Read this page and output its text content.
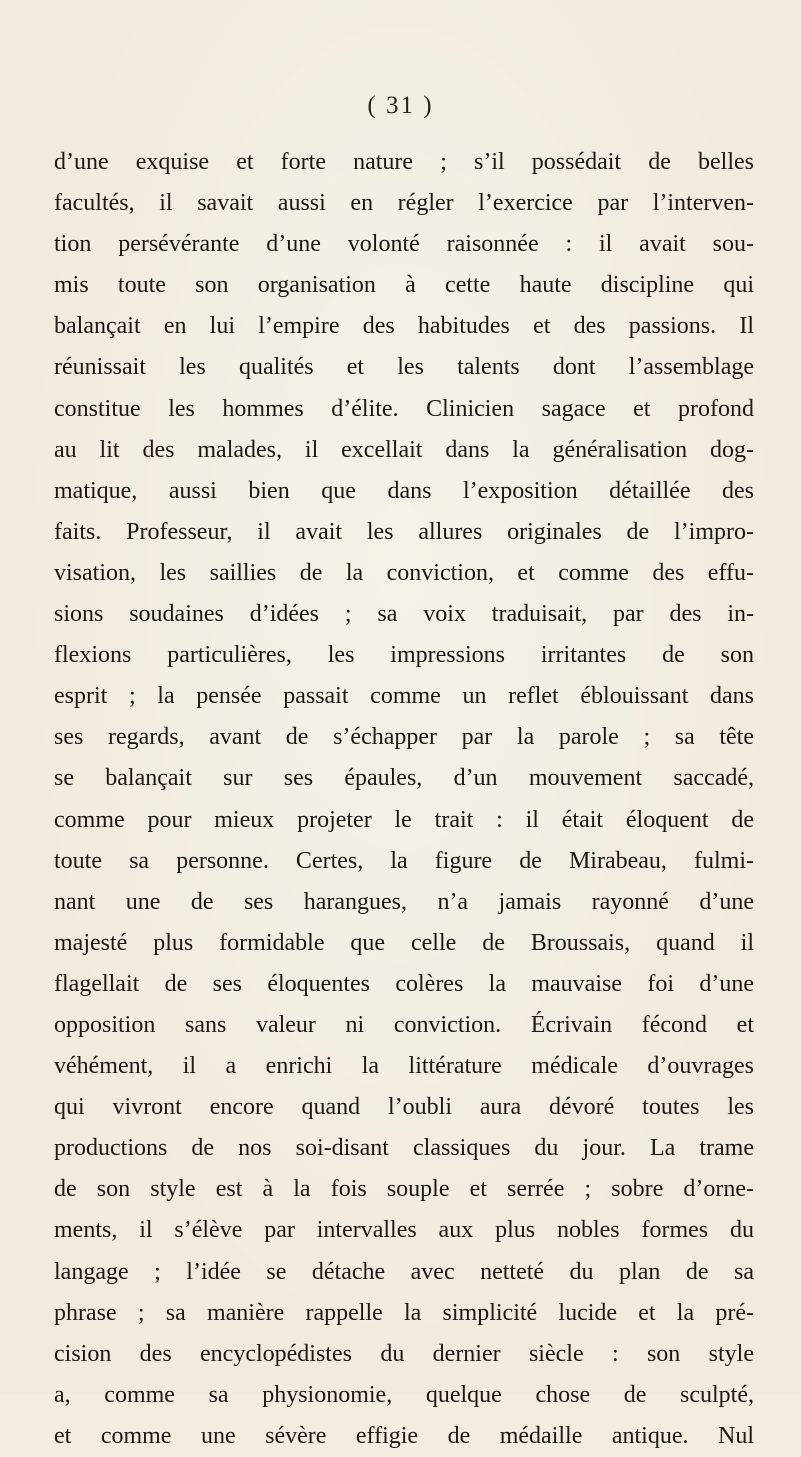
( 31 )
d’une exquise et forte nature ; s’il possédait de belles
facultés, il savait aussi en régler l’exercice par l’interven-
tion persévérante d’une volonté raisonnée : il avait sou-
mis toute son organisation à cette haute discipline qui
balançait en lui l’empire des habitudes et des passions. Il
réunissait les qualités et les talents dont l’assemblage
constitue les hommes d’élite. Clinicien sagace et profond
au lit des malades, il excellait dans la généralisation dog-
matique, aussi bien que dans l’exposition détaillée des
faits. Professeur, il avait les allures originales de l’impro-
visation, les saillies de la conviction, et comme des effu-
sions soudaines d’idées ; sa voix traduisait, par des in-
flexions particulières, les impressions irritantes de son
esprit ; la pensée passait comme un reflet éblouissant dans
ses regards, avant de s’échapper par la parole ; sa tête
se balançait sur ses épaules, d’un mouvement saccadé,
comme pour mieux projeter le trait : il était éloquent de
toute sa personne. Certes, la figure de Mirabeau, fulmi-
nant une de ses harangues, n’a jamais rayonné d’une
majesté plus formidable que celle de Broussais, quand il
flagellait de ses éloquentes colères la mauvaise foi d’une
opposition sans valeur ni conviction. Écrivain fécond et
véhément, il a enrichi la littérature médicale d’ouvrages
qui vivront encore quand l’oubli aura dévoré toutes les
productions de nos soi-disant classiques du jour. La trame
de son style est à la fois souple et serrée ; sobre d’orne-
ments, il s’élève par intervalles aux plus nobles formes du
langage ; l’idée se détache avec netteté du plan de sa
phrase ; sa manière rappelle la simplicité lucide et la pré-
cision des encyclopédistes du dernier siècle : son style
a, comme sa physionomie, quelque chose de sculpté,
et comme une sévère effigie de médaille antique. Nul
